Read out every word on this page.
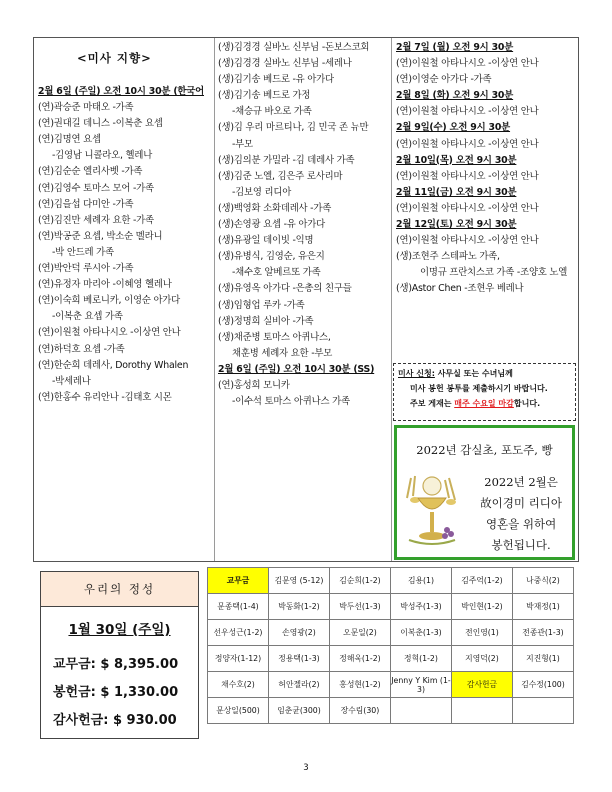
<미사 지향>
2월 6일 (주일) 오전 10시 30분 (한국어
(연)곽승준 마태오 -가족
(연)권대길 데니스 -이복춘 요셉
(연)김명연 요셉
-김영남 니콜라오, 헬레나
(연)김순순 엘리사벳 -가족
(연)김영수 토마스 모어 -가족
(연)김을섭 다미안 -가족
(연)김진만 세례자 요한 -가족
(연)박공준 요셉, 박소순 멜라니
-박 안드레 가족
(연)박안덕 루시아 -가족
(연)유정자 마리아 -이혜영 헬레나
(연)이숙희 베로니카, 이영순 아가다
-이복춘 요셉 가족
(연)이원철 아타나시오 -이상연 안나
(연)하덕호 요셉 -가족
(연)한순희 데레사, Dorothy Whalen
-박세레나
(연)한홍수 유리안나 -김태호 시몬
(생)김경경 실바노 신부님 -돈보스코회
(생)김경경 실바노 신부님 -세레나
(생)김기송 베드로 -유 아가다
(생)김기송 베드로 가정
-채승규 바오로 가족
(생)김 우리 마르티나, 김 민국 존 뉴만
-부모
(생)김의분 가밀라 -김 데레사 가족
(생)김준 노엘, 김은주 로사리마
-김보영 리디아
(생)백영화 소화데레사 -가족
(생)손영광 요셉 -유 아가다
(생)유광일 데이빗 -익명
(생)유병식, 김영순, 유은지
-채수호 알베르또 가족
(생)유영옥 아가다 -은총의 친구들
(생)임형업 루카 -가족
(생)정명희 실비아 -가족
(생)채준병 토마스 아퀴나스,
채훈병 세례자 요한 -부모
2월 6일 (주일) 오전 10시 30분 (SS)
(연)홍성희 모니카
-이수석 토마스 아퀴나스 가족
2월 7일 (월) 오전 9시 30분
(연)이원철 아타나시오 -이상연 안나
(연)이영순 아가다 -가족
2월 8일 (화) 오전 9시 30분
(연)이원철 아타나시오 -이상연 안나
2월 9일(수) 오전 9시 30분
(연)이원철 아타나시오 -이상연 안나
2월 10일(목) 오전 9시 30분
(연)이원철 아타나시오 -이상연 안나
2월 11일(금) 오전 9시 30분
(연)이원철 아타나시오 -이상연 안나
2월 12일(토) 오전 9시 30분
(연)이원철 아타나시오 -이상연 안나
(생)조현주 스테파노 가족,
이명규 프란치스코 가족 -조양호 노엘
(생)Astor Chen -조현우 베레나
미사 신청: 사무실 또는 수녀님께
미사 봉헌 봉투를 제출하시기 바랍니다.
주보 게재는 매주 수요일 마감합니다.
2022년 감실초, 포도주, 빵
2022년 2월은
故이경미 리디아
영혼을 위하여
봉헌됩니다.
우리의 정성
1월 30일 (주일)
교무금: $ 8,395.00
봉헌금: $ 1,330.00
감사헌금: $ 930.00
교무금	김문영 (5-12)	김순희(1-2)	김용(1)	김주억(1-2)	나중식(2)
문종택(1-4)	박동화(1-2)	박두선(1-3)	박성주(1-3)	박인현(1-2)	박재정(1)
선우성근(1-2)	손영광(2)	오문일(2)	이복춘(1-3)	전인영(1)	전종관(1-3)
정양자(1-12)	정용택(1-3)	정해욱(1-2)	정혁(1-2)	지영덕(2)	지진형(1)
채수호(2)	허안젤라(2)	홍성현(1-2)	Jenny Y Kim (1-3)	감사헌금	김수정(100)
문상일(500)	임춘균(300)	장수림(30)			
3
